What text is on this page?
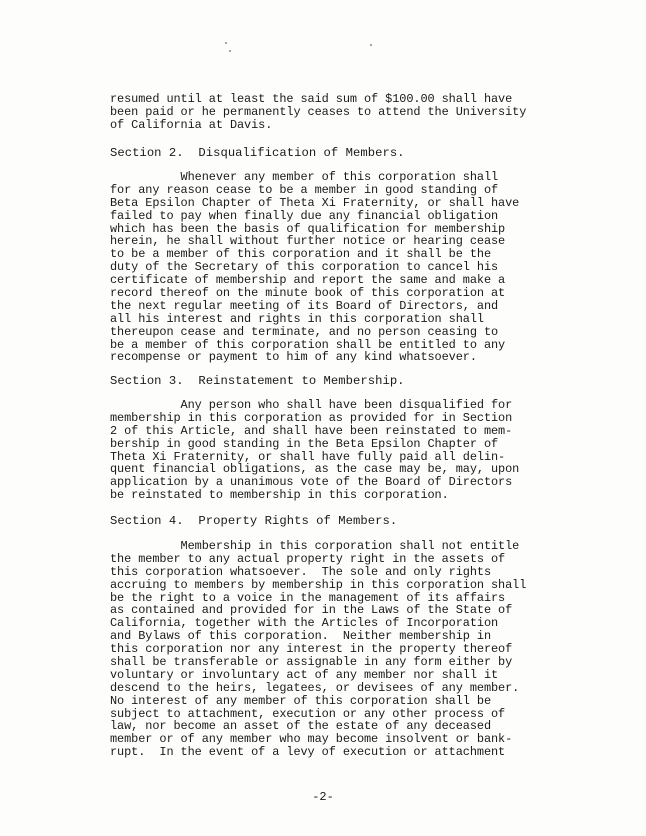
resumed until at least the said sum of $100.00 shall have
been paid or he permanently ceases to attend the University
of California at Davis.
Section 2.  Disqualification of Members.
Whenever any member of this corporation shall
for any reason cease to be a member in good standing of
Beta Epsilon Chapter of Theta Xi Fraternity, or shall have
failed to pay when finally due any financial obligation
which has been the basis of qualification for membership
herein, he shall without further notice or hearing cease
to be a member of this corporation and it shall be the
duty of the Secretary of this corporation to cancel his
certificate of membership and report the same and make a
record thereof on the minute book of this corporation at
the next regular meeting of its Board of Directors, and
all his interest and rights in this corporation shall
thereupon cease and terminate, and no person ceasing to
be a member of this corporation shall be entitled to any
recompense or payment to him of any kind whatsoever.
Section 3.  Reinstatement to Membership.
Any person who shall have been disqualified for
membership in this corporation as provided for in Section
2 of this Article, and shall have been reinstated to mem-
bership in good standing in the Beta Epsilon Chapter of
Theta Xi Fraternity, or shall have fully paid all delin-
quent financial obligations, as the case may be, may, upon
application by a unanimous vote of the Board of Directors
be reinstated to membership in this corporation.
Section 4.  Property Rights of Members.
Membership in this corporation shall not entitle
the member to any actual property right in the assets of
this corporation whatsoever.  The sole and only rights
accruing to members by membership in this corporation shall
be the right to a voice in the management of its affairs
as contained and provided for in the Laws of the State of
California, together with the Articles of Incorporation
and Bylaws of this corporation.  Neither membership in
this corporation nor any interest in the property thereof
shall be transferable or assignable in any form either by
voluntary or involuntary act of any member nor shall it
descend to the heirs, legatees, or devisees of any member.
No interest of any member of this corporation shall be
subject to attachment, execution or any other process of
law, nor become an asset of the estate of any deceased
member or of any member who may become insolvent or bank-
rupt.  In the event of a levy of execution or attachment
-2-
